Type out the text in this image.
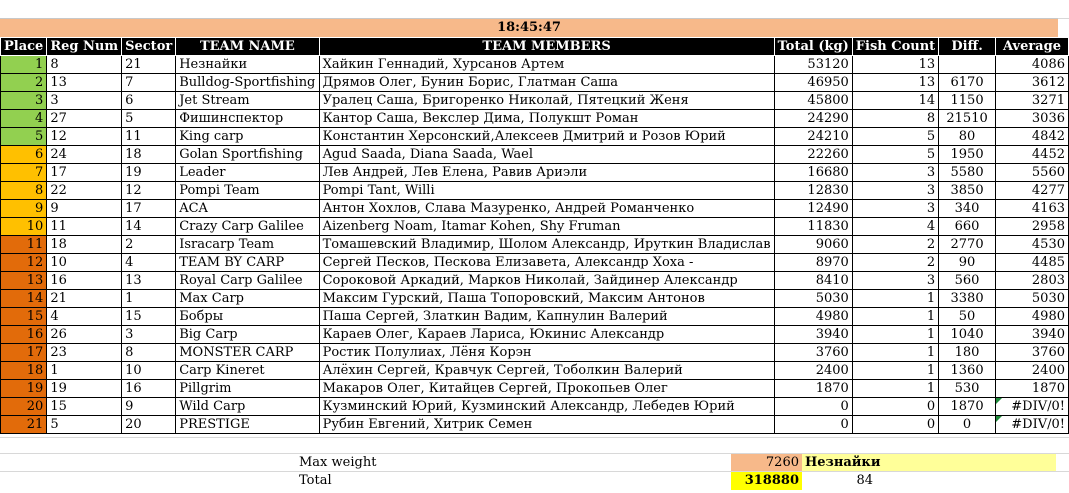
18:45:47
Place	Reg Num	Sector	TEAM NAME	TEAM MEMBERS	Total (kg)	Fish Count	Diff.	Average
1	8	21	Незнайки	Хайкин Геннадий, Хурсанов Артем	53120	13		4086
2	13	7	Bulldog-Sportfishing	Дрямов Олег, Бунин Борис, Глатман Саша	46950	13	6170	3612
3	3	6	Jet Stream	Уралец Саша, Бригоренко Николай, Пятецкий Женя	45800	14	1150	3271
4	27	5	Фишинспектор	Кантор Саша, Векслер Дима, Полукшт Роман	24290	8	21510	3036
5	12	11	King carp	Константин Херсонский,Алексеев Дмитрий и Розов Юрий	24210	5	80	4842
6	24	18	Golan Sportfishing	Agud Saada, Diana Saada, Wael	22260	5	1950	4452
7	17	19	Leader	Лев Андрей, Лев Елена, Равив Ариэли	16680	3	5580	5560
8	22	12	Pompi Team	Pompi Tant, Willi	12830	3	3850	4277
9	9	17	ACA	Антон Хохлов, Слава Мазуренко, Андрей Романченко	12490	3	340	4163
10	11	14	Crazy Carp Galilee	Aizenberg Noam, Itamar Kohen, Shy Fruman	11830	4	660	2958
11	18	2	Isracarp Team	Томашевский Владимир, Шолом Александр, Ируткин Владислав	9060	2	2770	4530
12	10	4	TEAM BY CARP	Сергей Песков, Пескова Елизавета, Александр Хоха -	8970	2	90	4485
13	16	13	Royal Carp Galilee	Сороковой Аркадий, Марков Николай, Зайдинер Александр	8410	3	560	2803
14	21	1	Max Carp	Максим Гурский, Паша Топоровский, Максим Антонов	5030	1	3380	5030
15	4	15	Бобры	Паша Сергей, Златкин Вадим, Капнулин Валерий	4980	1	50	4980
16	26	3	Big Carp	Караев Олег, Караев Лариса, Юкинис Александр	3940	1	1040	3940
17	23	8	MONSTER CARP	Ростик Полулиах, Лёня Корэн	3760	1	180	3760
18	1	10	Carp Kineret	Алёхин Сергей, Кравчук Сергей, Тоболкин Валерий	2400	1	1360	2400
19	19	16	Pillgrim	Макаров Олег, Китайцев Сергей, Прокопьев Олег	1870	1	530	1870
20	15	9	Wild Carp	Кузминский Юрий, Кузминский Александр, Лебедев Юрий	0	0	1870	#DIV/0!
21	5	20	PRESTIGE	Рубин Евгений, Хитрик Семен	0	0	0	#DIV/0!
Max weight	7260 Незнайки
Total	318880	84
